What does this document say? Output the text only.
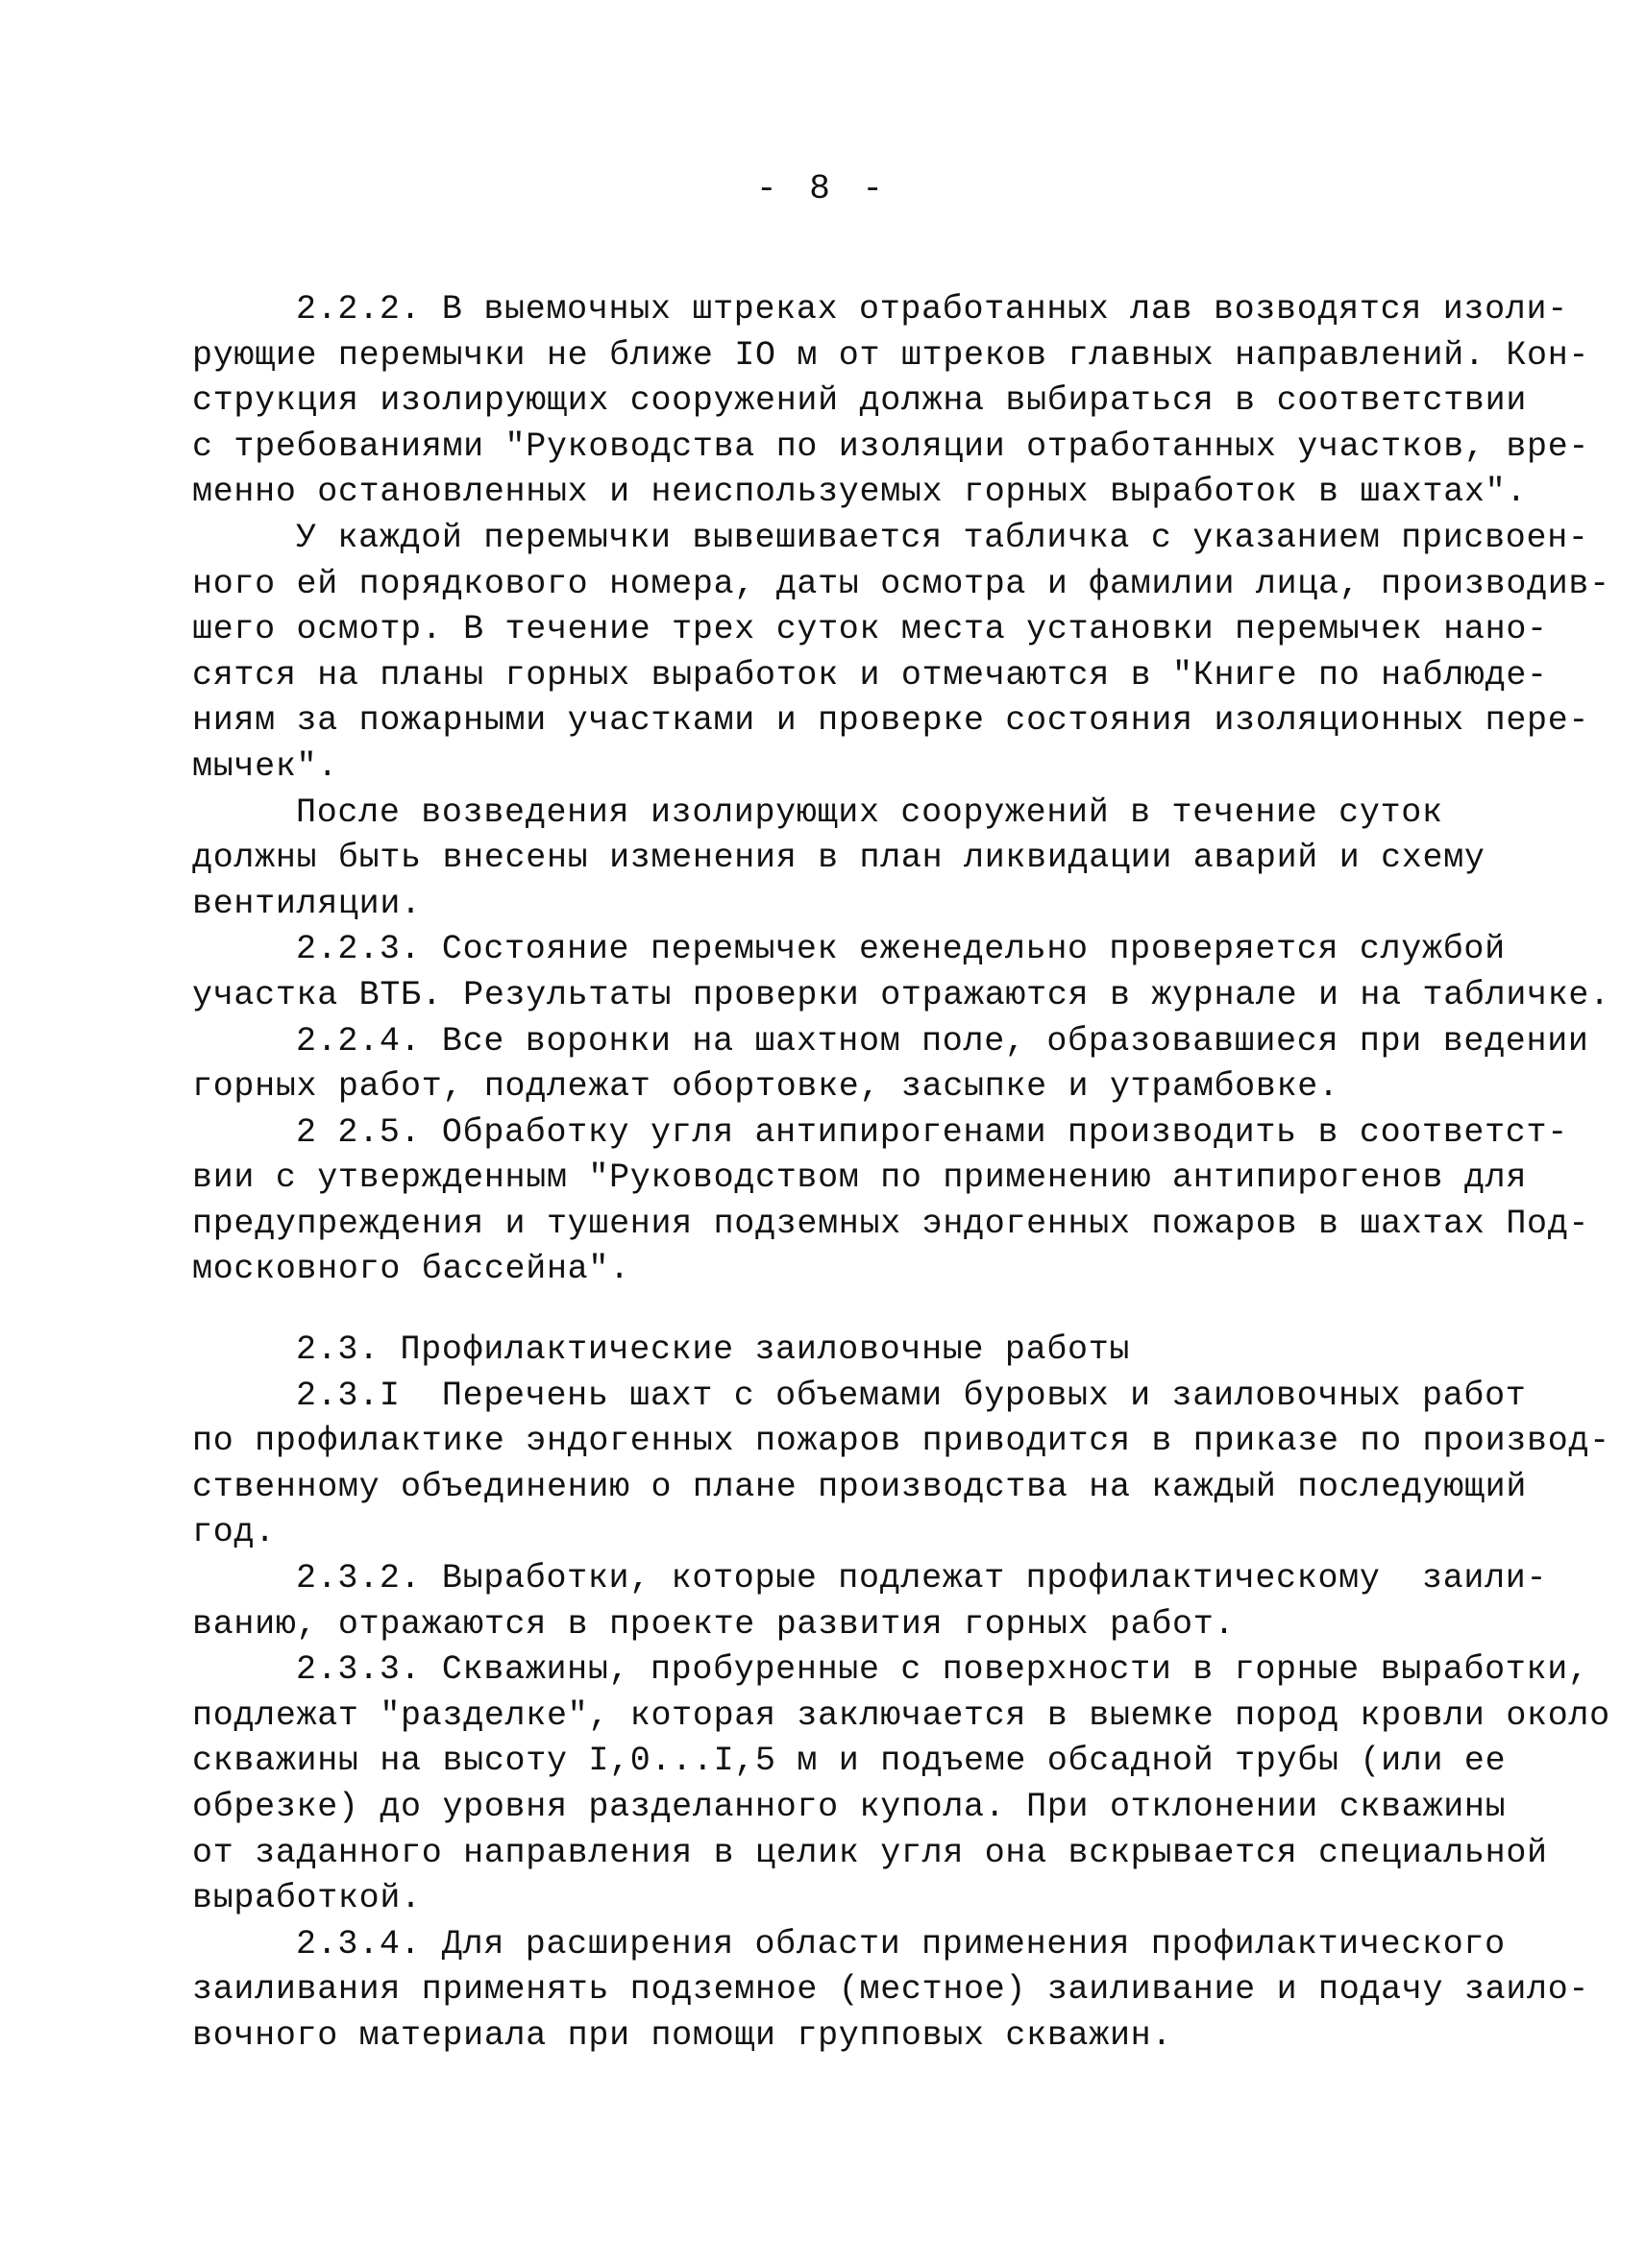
- 8 -
2.2.2. В выемочных штреках отработанных лав возводятся изоли-
рующие перемычки не ближе IO м от штреков главных направлений. Кон-
струкция изолирующих сооружений должна выбираться в соответствии
с требованиями "Руководства по изоляции отработанных участков, вре-
менно остановленных и неиспользуемых горных выработок в шахтах".
У каждой перемычки вывешивается табличка с указанием присвоен-
ного ей порядкового номера, даты осмотра и фамилии лица, производив-
шего осмотр. В течение трех суток места установки перемычек нано-
сятся на планы горных выработок и отмечаются в "Книге по наблюде-
ниям за пожарными участками и проверке состояния изоляционных пере-
мычек".
После возведения изолирующих сооружений в течение суток
должны быть внесены изменения в план ликвидации аварий и схему
вентиляции.
2.2.3. Состояние перемычек еженедельно проверяется службой
участка ВТБ. Результаты проверки отражаются в журнале и на табличке.
2.2.4. Все воронки на шахтном поле, образовавшиеся при ведении
горных работ, подлежат обортовке, засыпке и утрамбовке.
2 2.5. Обработку угля антипирогенами производить в соответст-
вии с утвержденным "Руководством по применению антипирогенов для
предупреждения и тушения подземных эндогенных пожаров в шахтах Под-
московного бассейна".
2.3. Профилактические заиловочные работы
2.3.I  Перечень шахт с объемами буровых и заиловочных работ
по профилактике эндогенных пожаров приводится в приказе по производ-
ственному объединению о плане производства на каждый последующий
год.
2.3.2. Выработки, которые подлежат профилактическому  заили-
ванию, отражаются в проекте развития горных работ.
2.3.3. Скважины, пробуренные с поверхности в горные выработки,
подлежат "разделке", которая заключается в выемке пород кровли около
скважины на высоту I,0...I,5 м и подъеме обсадной трубы (или ее
обрезке) до уровня разделанного купола. При отклонении скважины
от заданного направления в целик угля она вскрывается специальной
выработкой.
2.3.4. Для расширения области применения профилактического
заиливания применять подземное (местное) заиливание и подачу заило-
вочного материала при помощи групповых скважин.
